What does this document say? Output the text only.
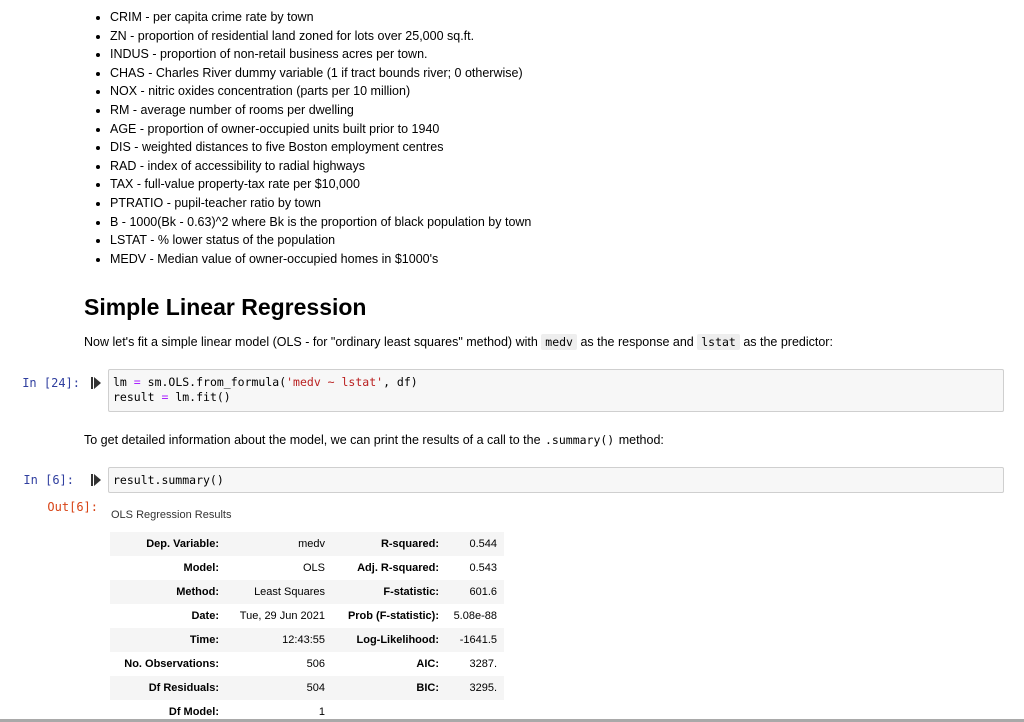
• CRIM - per capita crime rate by town
• ZN - proportion of residential land zoned for lots over 25,000 sq.ft.
• INDUS - proportion of non-retail business acres per town.
• CHAS - Charles River dummy variable (1 if tract bounds river; 0 otherwise)
• NOX - nitric oxides concentration (parts per 10 million)
• RM - average number of rooms per dwelling
• AGE - proportion of owner-occupied units built prior to 1940
• DIS - weighted distances to five Boston employment centres
• RAD - index of accessibility to radial highways
• TAX - full-value property-tax rate per $10,000
• PTRATIO - pupil-teacher ratio by town
• B - 1000(Bk - 0.63)^2 where Bk is the proportion of black population by town
• LSTAT - % lower status of the population
• MEDV - Median value of owner-occupied homes in $1000's
Simple Linear Regression
Now let's fit a simple linear model (OLS - for "ordinary least squares" method) with medv as the response and lstat as the predictor:
In [24]:	lm = sm.OLS.from_formula('medv ~ lstat', df)
result = lm.fit()
To get detailed information about the model, we can print the results of a call to the .summary() method:
In [6]:	result.summary()
Out[6]:
OLS Regression Results
Dep. Variable:	medv	R-squared:	0.544
Model:	OLS	Adj. R-squared:	0.543
Method:	Least Squares	F-statistic:	601.6
Date:	Tue, 29 Jun 2021	Prob (F-statistic):	5.08e-88
Time:	12:43:55	Log-Likelihood:	-1641.5
No. Observations:	506	AIC:	3287.
Df Residuals:	504	BIC:	3295.
Df Model:	1		
